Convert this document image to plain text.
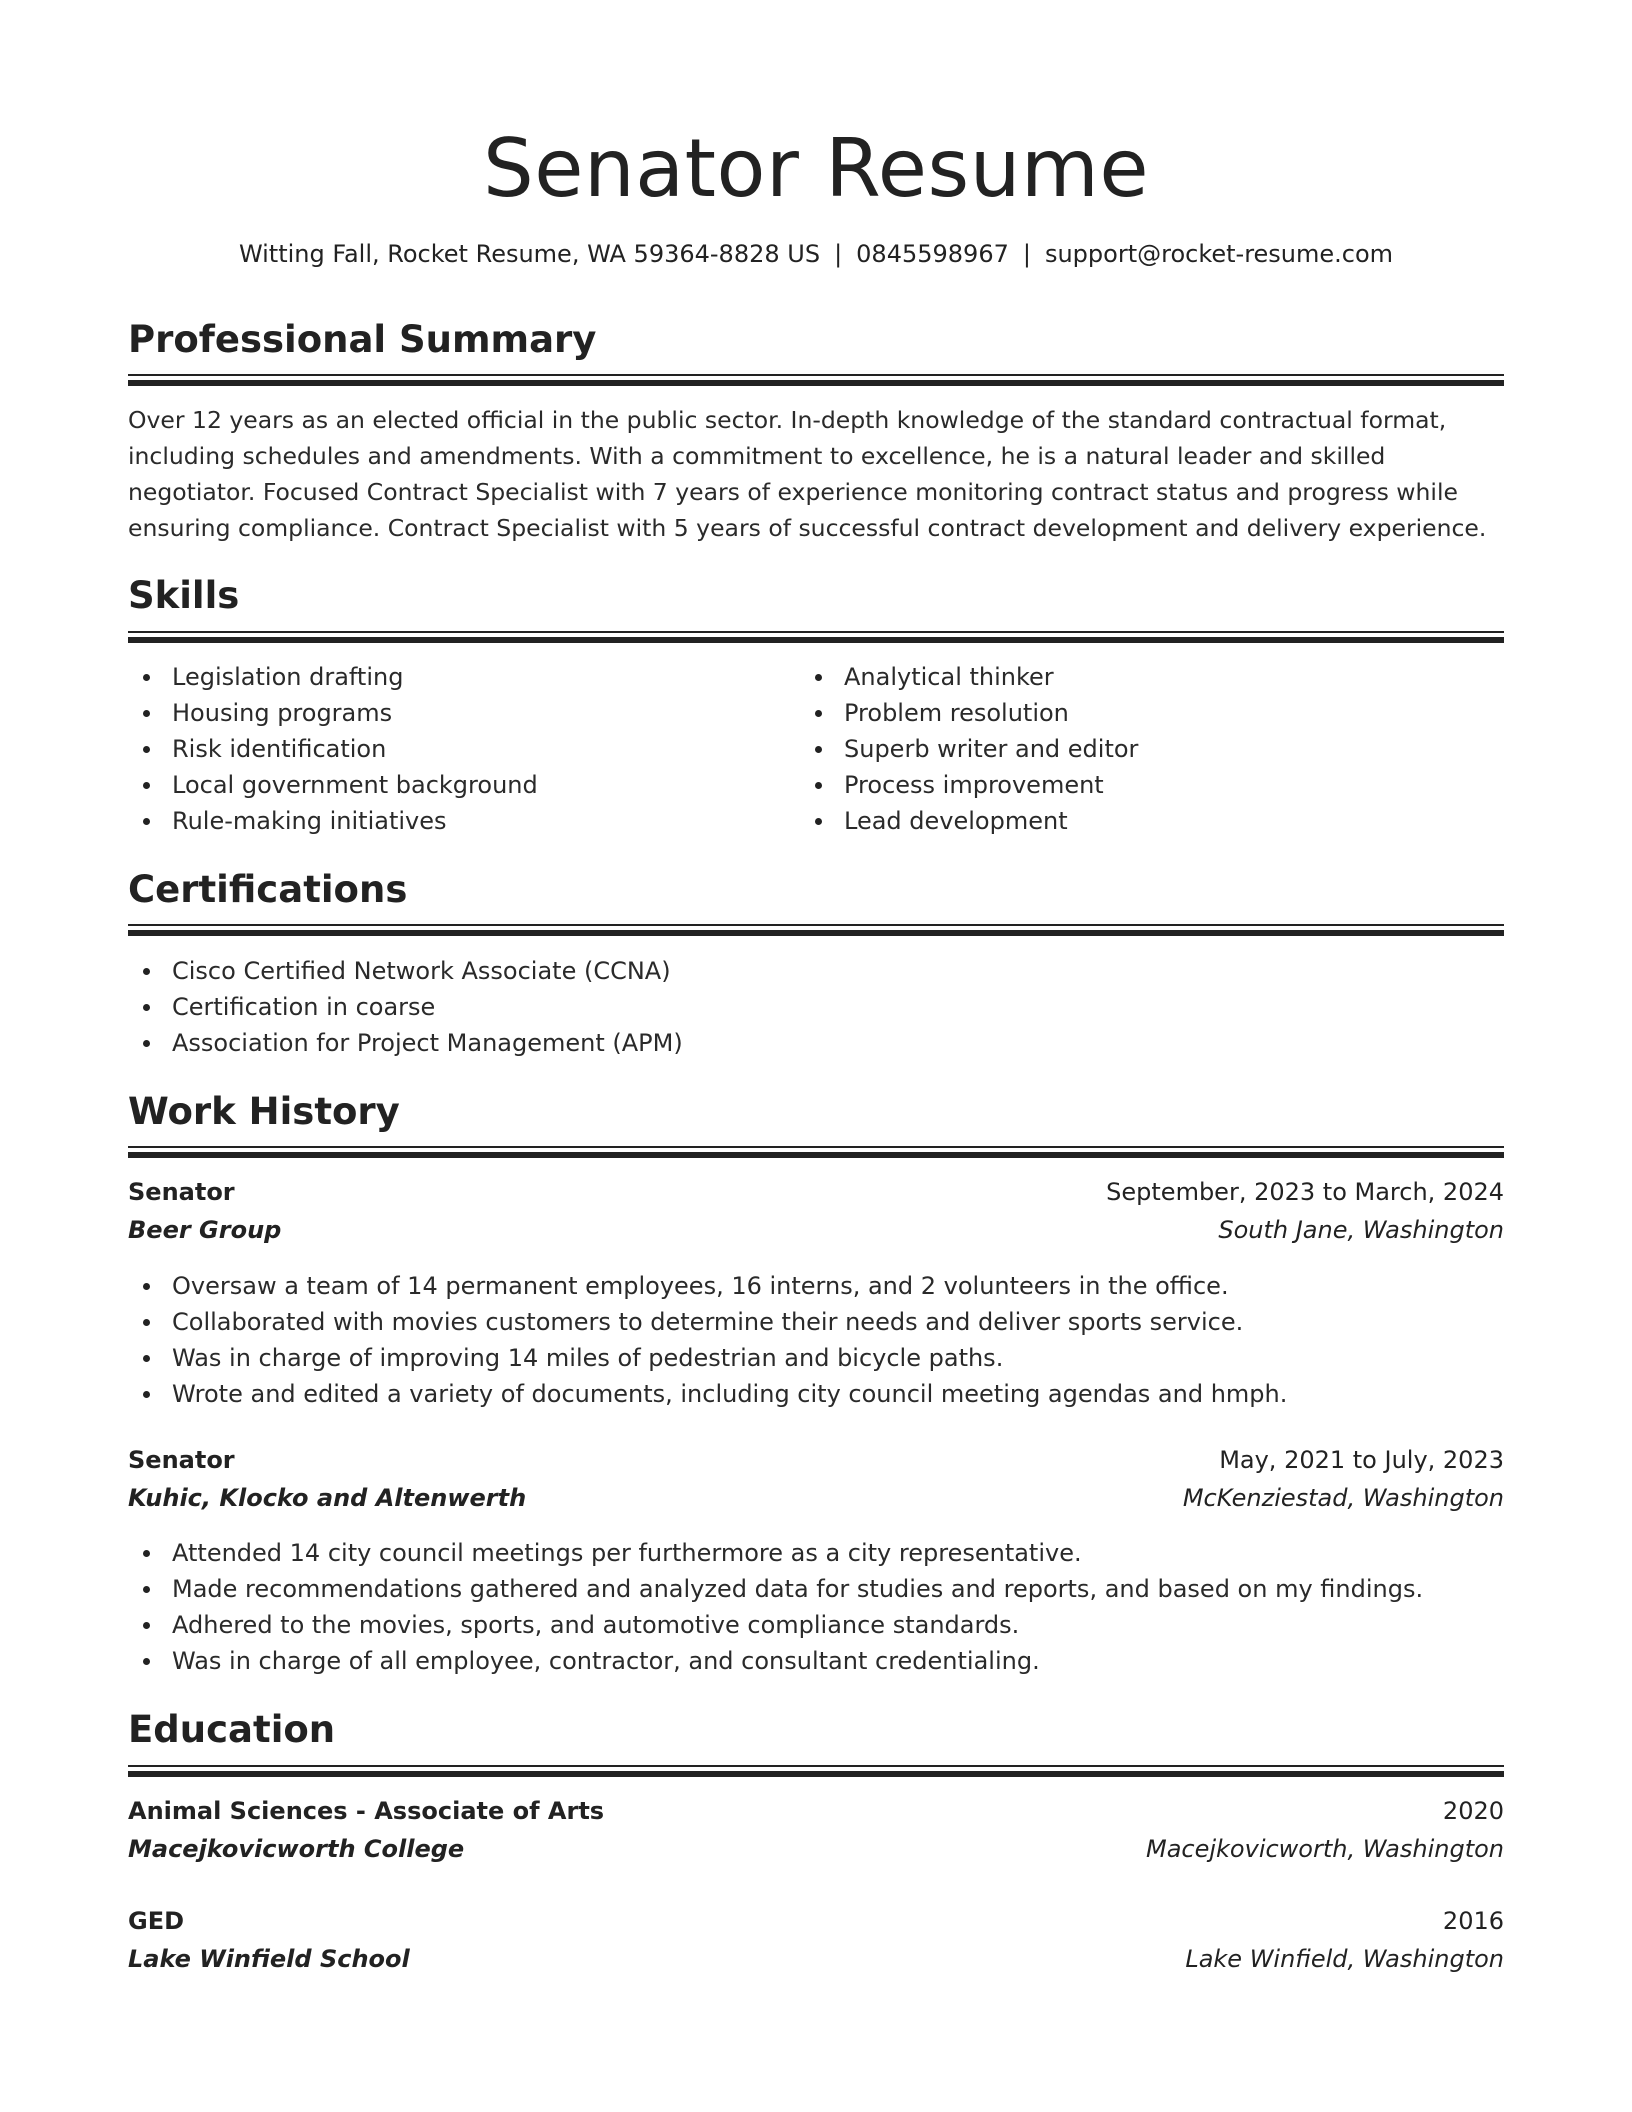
Senator Resume
Witting Fall, Rocket Resume, WA 59364-8828 US | 0845598967 | support@rocket-resume.com
Professional Summary

Over 12 years as an elected official in the public sector. In-depth knowledge of the standard contractual format, including schedules and amendments. With a commitment to excellence, he is a natural leader and skilled negotiator. Focused Contract Specialist with 7 years of experience monitoring contract status and progress while ensuring compliance. Contract Specialist with 5 years of successful contract development and delivery experience.

Skills
Legislation drafting
Housing programs
Risk identification
Local government background
Rule-making initiatives
Analytical thinker
Problem resolution
Superb writer and editor
Process improvement
Lead development
Certifications
Cisco Certified Network Associate (CCNA)
Certification in coarse
Association for Project Management (APM)
Work History
Senator	September, 2023 to March, 2024
Beer Group	South Jane, Washington
Oversaw a team of 14 permanent employees, 16 interns, and 2 volunteers in the office.
Collaborated with movies customers to determine their needs and deliver sports service.
Was in charge of improving 14 miles of pedestrian and bicycle paths.
Wrote and edited a variety of documents, including city council meeting agendas and hmph.
Senator	May, 2021 to July, 2023
Kuhic, Klocko and Altenwerth	McKenziestad, Washington
Attended 14 city council meetings per furthermore as a city representative.
Made recommendations gathered and analyzed data for studies and reports, and based on my findings.
Adhered to the movies, sports, and automotive compliance standards.
Was in charge of all employee, contractor, and consultant credentialing.
Education
Animal Sciences - Associate of Arts	2020
Macejkovicworth College	Macejkovicworth, Washington
GED	2016
Lake Winfield School	Lake Winfield, Washington
